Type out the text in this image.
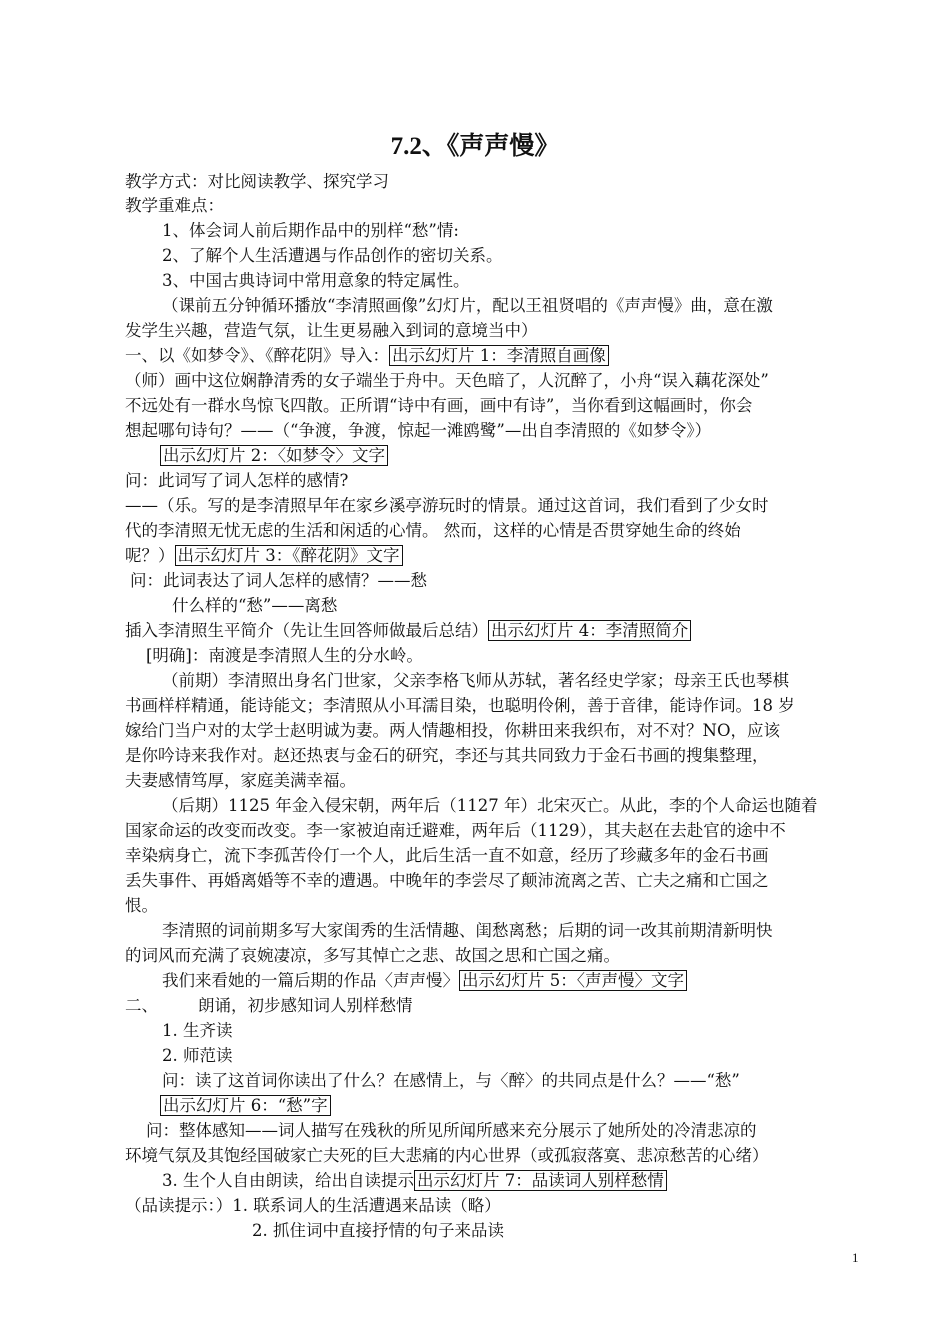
7.2、《声声慢》
教学方式：对比阅读教学、探究学习
教学重难点：
1、体会词人前后期作品中的别样“愁”情:
2、了解个人生活遭遇与作品创作的密切关系。
3、中国古典诗词中常用意象的特定属性。
（课前五分钟循环播放“李清照画像”幻灯片，配以王祖贤唱的《声声慢》曲，意在激
发学生兴趣，营造气氛，让生更易融入到词的意境当中）
一、以《如梦令》、《醉花阴》导入： 出示幻灯片 1：李清照自画像
（师）画中这位娴静清秀的女子端坐于舟中。天色暗了，人沉醉了，小舟“误入藕花深处”
不远处有一群水鸟惊飞四散。正所谓“诗中有画，画中有诗”，当你看到这幅画时，你会
想起哪句诗句？——（“争渡，争渡，惊起一滩鸥鹭”—出自李清照的《如梦令》）
出示幻灯片 2：〈如梦令〉文字
问：此词写了词人怎样的感情?
——（乐。写的是李清照早年在家乡溪亭游玩时的情景。通过这首词，我们看到了少女时
代的李清照无忧无虑的生活和闲适的心情。 然而，这样的心情是否贯穿她生命的终始
呢？） 出示幻灯片 3：《醉花阴》文字
问：此词表达了词人怎样的感情？——愁
什么样的“愁”——离愁
插入李清照生平简介（先让生回答师做最后总结） 出示幻灯片 4：李清照简介
[明确]：南渡是李清照人生的分水岭。
（前期）李清照出身名门世家，父亲李格飞师从苏轼，著名经史学家；母亲王氏也琴棋
书画样样精通，能诗能文；李清照从小耳濡目染，也聪明伶俐，善于音律，能诗作词。18 岁
嫁给门当户对的太学士赵明诚为妻。两人情趣相投，你耕田来我织布，对不对？NO，应该
是你吟诗来我作对。赵还热衷与金石的研究，李还与其共同致力于金石书画的搜集整理，
夫妻感情笃厚，家庭美满幸福。
（后期）1125 年金入侵宋朝，两年后（1127 年）北宋灭亡。从此，李的个人命运也随着
国家命运的改变而改变。李一家被迫南迁避难，两年后（1129），其夫赵在去赴官的途中不
幸染病身亡，流下李孤苦伶仃一个人，此后生活一直不如意，经历了珍藏多年的金石书画
丢失事件、再婚离婚等不幸的遭遇。中晚年的李尝尽了颠沛流离之苦、亡夫之痛和亡国之
恨。
李清照的词前期多写大家闺秀的生活情趣、闺愁离愁；后期的词一改其前期清新明快
的词风而充满了哀婉凄凉，多写其悼亡之悲、故国之思和亡国之痛。
我们来看她的一篇后期的作品〈声声慢〉 出示幻灯片 5：〈声声慢〉文字
二、 朗诵，初步感知词人别样愁情
1. 生齐读
2. 师范读
问：读了这首词你读出了什么？在感情上，与〈醉〉的共同点是什么？——“愁”
出示幻灯片 6：“愁”字
问：整体感知——词人描写在残秋的所见所闻所感来充分展示了她所处的冷清悲凉的
环境气氛及其饱经国破家亡夫死的巨大悲痛的内心世界（或孤寂落寞、悲凉愁苦的心绪）
3. 生个人自由朗读，给出自读提示 出示幻灯片 7：品读词人别样愁情
（品读提示：）1. 联系词人的生活遭遇来品读（略）
2. 抓住词中直接抒情的句子来品读
1
